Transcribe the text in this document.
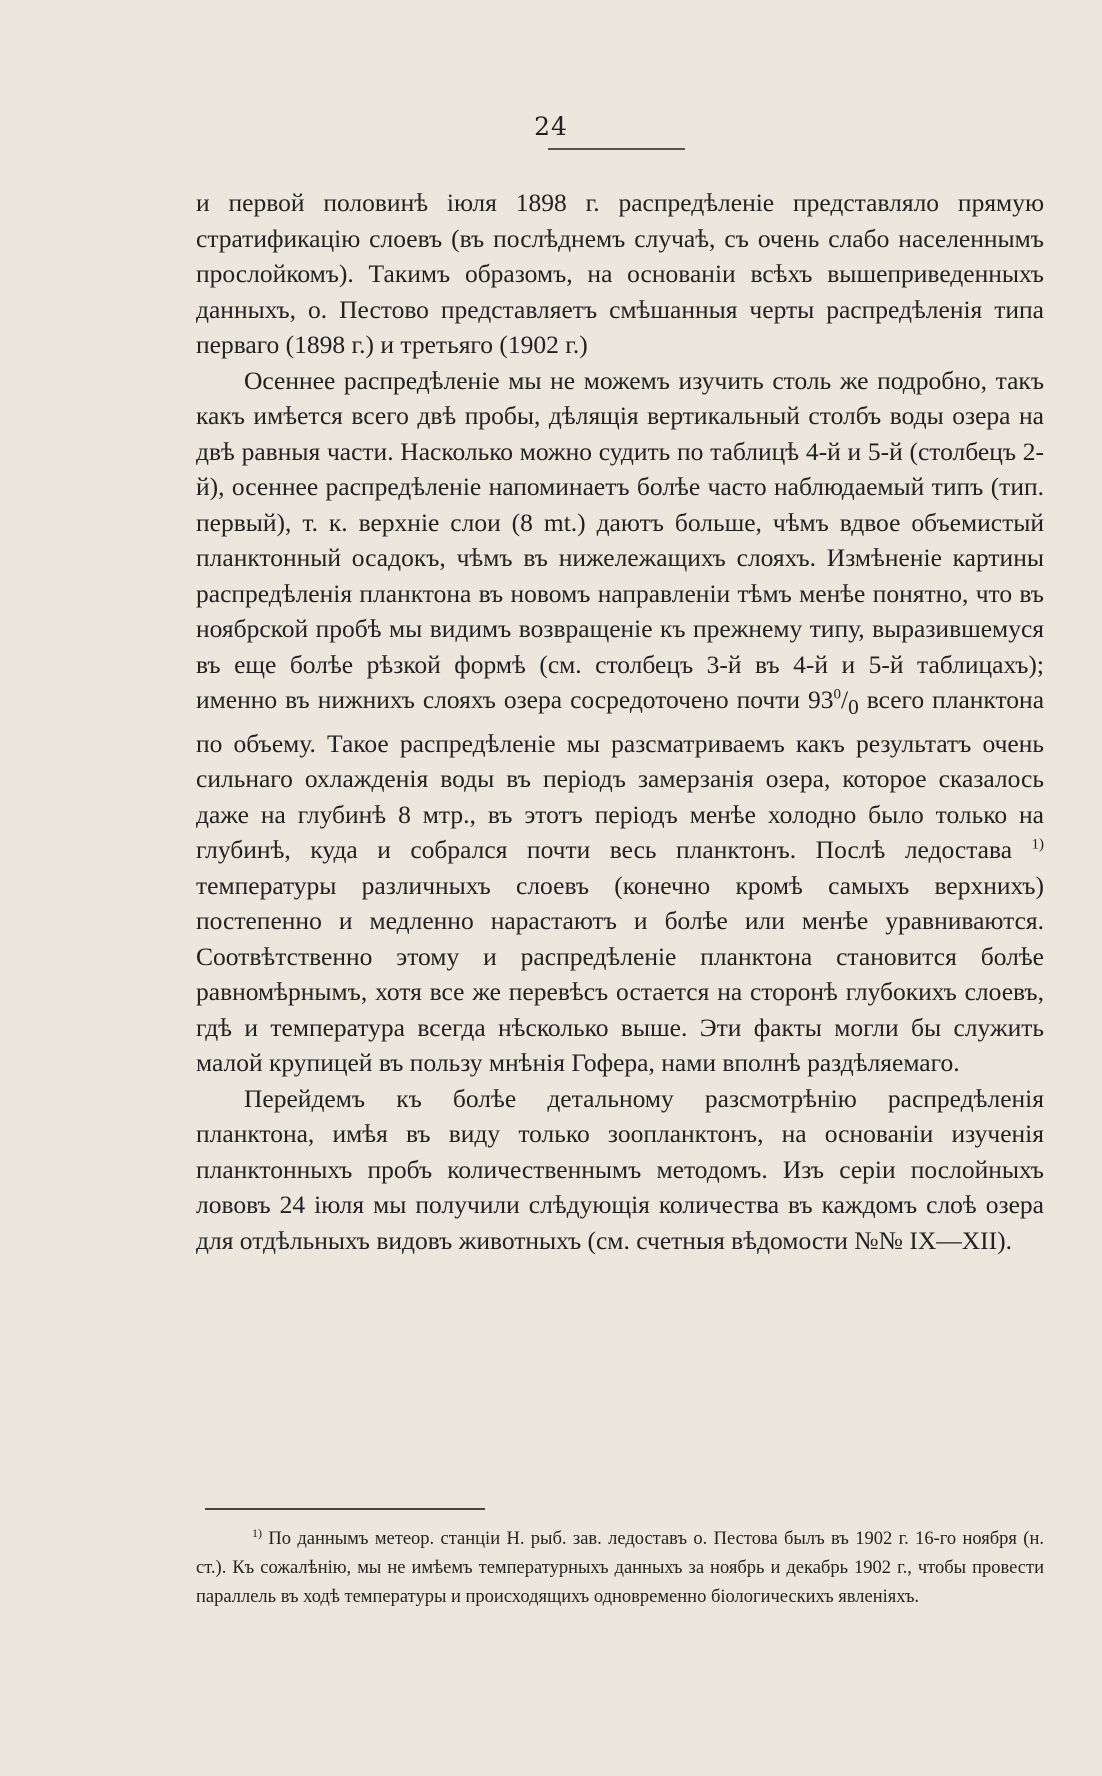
24

и первой половинѣ іюля 1898 г. распредѣленіе представляло прямую стратификацію слоевъ (въ послѣднемъ случаѣ, съ очень слабо населеннымъ прослойкомъ). Такимъ образомъ, на основаніи всѣхъ вышеприведенныхъ данныхъ, о. Пестово представляетъ смѣшанныя черты распредѣленія типа перваго (1898 г.) и третьяго (1902 г.)

Осеннее распредѣленіе мы не можемъ изучить столь же подробно, такъ какъ имѣется всего двѣ пробы, дѣлящія вертикальный столбъ воды озера на двѣ равныя части. Насколько можно судить по таблицѣ 4-й и 5-й (столбецъ 2-й), осеннее распредѣленіе напоминаетъ болѣе часто наблюдаемый типъ (тип. первый), т. к. верхніе слои (8 mt.) даютъ больше, чѣмъ вдвое объемистый планктонный осадокъ, чѣмъ въ нижележащихъ слояхъ. Измѣненіе картины распредѣленія планктона въ новомъ направленіи тѣмъ менѣе понятно, что въ ноябрской пробѣ мы видимъ возвращеніе къ прежнему типу, выразившемуся въ еще болѣе рѣзкой формѣ (см. столбецъ 3-й въ 4-й и 5-й таблицахъ); именно въ нижнихъ слояхъ озера сосредоточено почти $93^0/_0$ всего планктона по объему. Такое распредѣленіе мы разсматриваемъ какъ результатъ очень сильнаго охлажденія воды въ періодъ замерзанія озера, которое сказалось даже на глубинѣ 8 мтр., въ этотъ періодъ менѣе холодно было только на глубинѣ, куда и собрался почти весь планктонъ. Послѣ ледостава $^{1)}$ температуры различныхъ слоевъ (конечно кромѣ самыхъ верхнихъ) постепенно и медленно нарастаютъ и болѣе или менѣе уравниваются. Соотвѣтственно этому и распредѣленіе планктона становится болѣе равномѣрнымъ, хотя все же перевѣсъ остается на сторонѣ глубокихъ слоевъ, гдѣ и температура всегда нѣсколько выше. Эти факты могли бы служить малой крупицей въ пользу мнѣнія Гофера, нами вполнѣ раздѣляемаго.

Перейдемъ къ болѣе детальному разсмотрѣнію распредѣленія планктона, имѣя въ виду только зоопланктонъ, на основаніи изученія планктонныхъ пробъ количественнымъ методомъ. Изъ серіи послойныхъ лововъ 24 іюля мы получили слѣдующія количества въ каждомъ слоѣ озера для отдѣльныхъ видовъ животныхъ (см. счетныя вѣдомости №№ IX—XII).

$^{1)}$ По даннымъ метеор. станціи Н. рыб. зав. ледоставъ о. Пестова былъ въ 1902 г. 16-го ноября (н. ст.). Къ сожалѣнію, мы не имѣемъ температурныхъ данныхъ за ноябрь и декабрь 1902 г., чтобы провести параллель въ ходѣ температуры и происходящихъ одновременно біологическихъ явленіяхъ.
